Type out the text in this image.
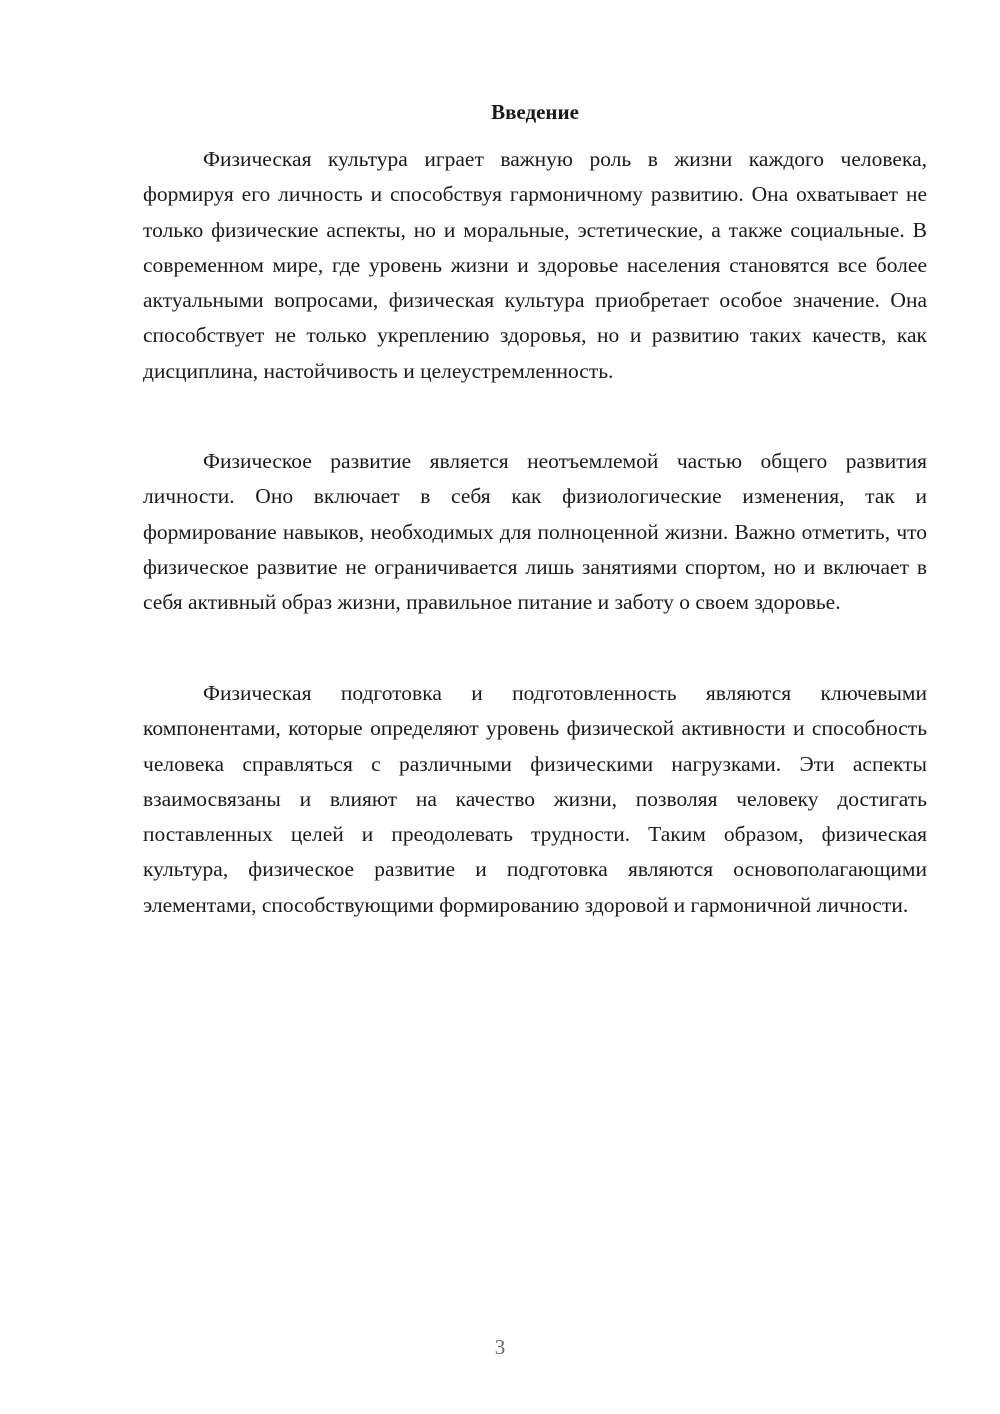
Введение

Физическая культура играет важную роль в жизни каждого человека, формируя его личность и способствуя гармоничному развитию. Она охватывает не только физические аспекты, но и моральные, эстетические, а также социальные. В современном мире, где уровень жизни и здоровье населения становятся все более актуальными вопросами, физическая культура приобретает особое значение. Она способствует не только укреплению здоровья, но и развитию таких качеств, как дисциплина, настойчивость и целеустремленность.

Физическое развитие является неотъемлемой частью общего развития личности. Оно включает в себя как физиологические изменения, так и формирование навыков, необходимых для полноценной жизни. Важно отметить, что физическое развитие не ограничивается лишь занятиями спортом, но и включает в себя активный образ жизни, правильное питание и заботу о своем здоровье.

Физическая подготовка и подготовленность являются ключевыми компонентами, которые определяют уровень физической активности и способность человека справляться с различными физическими нагрузками. Эти аспекты взаимосвязаны и влияют на качество жизни, позволяя человеку достигать поставленных целей и преодолевать трудности. Таким образом, физическая культура, физическое развитие и подготовка являются основополагающими элементами, способствующими формированию здоровой и гармоничной личности.

3
